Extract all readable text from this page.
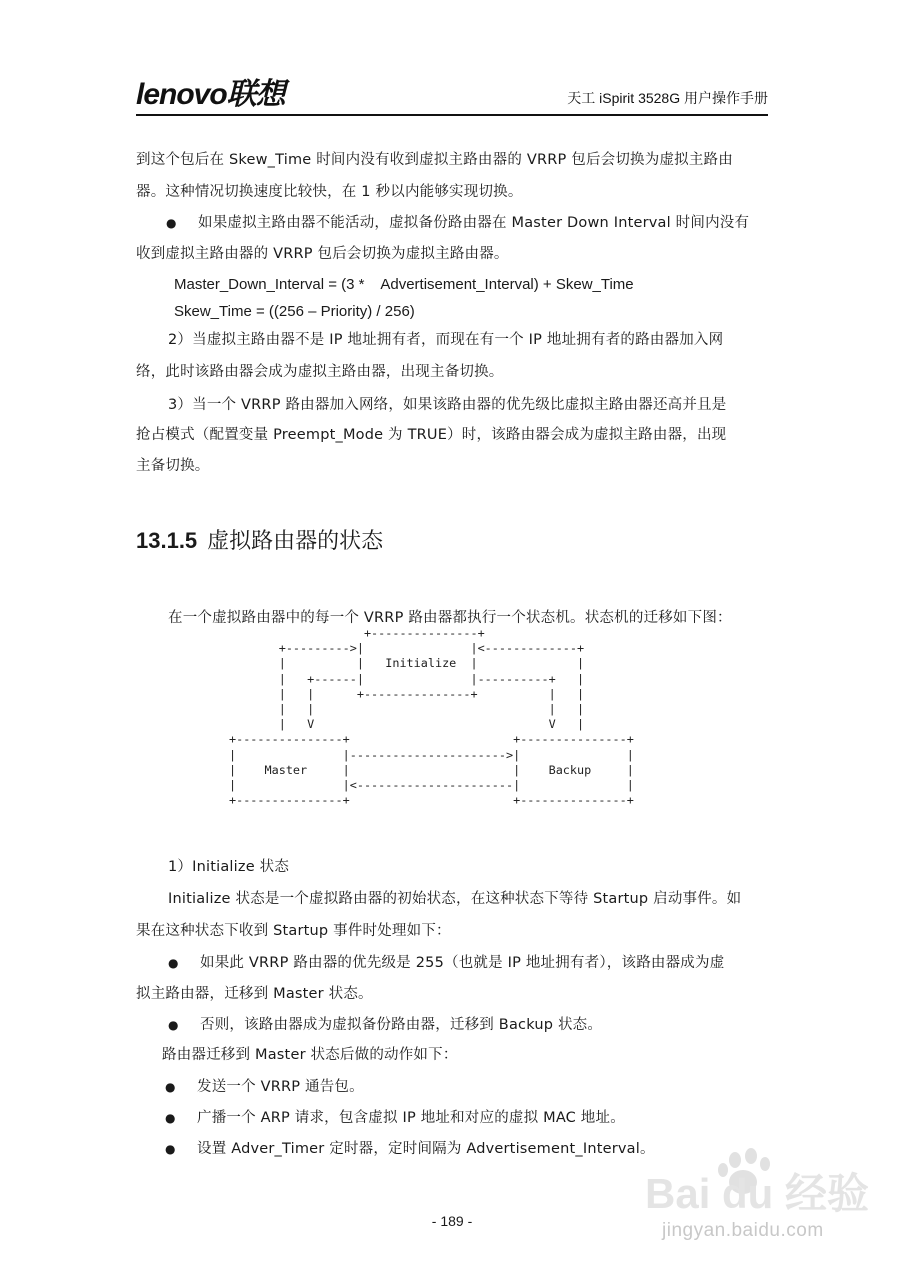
lenovo联想	天工 iSpirit 3528G 用户操作手册
到这个包后在 Skew_Time 时间内没有收到虚拟主路由器的 VRRP 包后会切换为虚拟主路由
器。这种情况切换速度比较快，在 1 秒以内能够实现切换。
● 如果虚拟主路由器不能活动，虚拟备份路由器在 Master Down Interval 时间内没有
收到虚拟主路由器的 VRRP 包后会切换为虚拟主路由器。
Master_Down_Interval = (3 *    Advertisement_Interval) + Skew_Time
Skew_Time = ((256 – Priority) / 256)
2）当虚拟主路由器不是 IP 地址拥有者，而现在有一个 IP 地址拥有者的路由器加入网
络，此时该路由器会成为虚拟主路由器，出现主备切换。
3）当一个 VRRP 路由器加入网络，如果该路由器的优先级比虚拟主路由器还高并且是
抢占模式（配置变量 Preempt_Mode 为 TRUE）时，该路由器会成为虚拟主路由器，出现
主备切换。
13.1.5 虚拟路由器的状态
在一个虚拟路由器中的每一个 VRRP 路由器都执行一个状态机。状态机的迁移如下图：
+---------------+
+--------->|               |<-------------+
|          |   Initialize  |              |
|   +------|               |----------+   |
|   |      +---------------+          |   |
|   |                                 |   |
|   V                                 V   |
+---------------+                       +---------------+
|               |---------------------->|               |
|    Master     |                       |    Backup     |
|               |<----------------------|               |
+---------------+                       +---------------+
1）Initialize 状态
Initialize 状态是一个虚拟路由器的初始状态，在这种状态下等待 Startup 启动事件。如
果在这种状态下收到 Startup 事件时处理如下：
● 如果此 VRRP 路由器的优先级是 255（也就是 IP 地址拥有者），该路由器成为虚
拟主路由器，迁移到 Master 状态。
● 否则，该路由器成为虚拟备份路由器，迁移到 Backup 状态。
路由器迁移到 Master 状态后做的动作如下：
● 发送一个 VRRP 通告包。
● 广播一个 ARP 请求，包含虚拟 IP 地址和对应的虚拟 MAC 地址。
● 设置 Adver_Timer 定时器，定时间隔为 Advertisement_Interval。
- 189 -
Bai du 经验
jingyan.baidu.com
